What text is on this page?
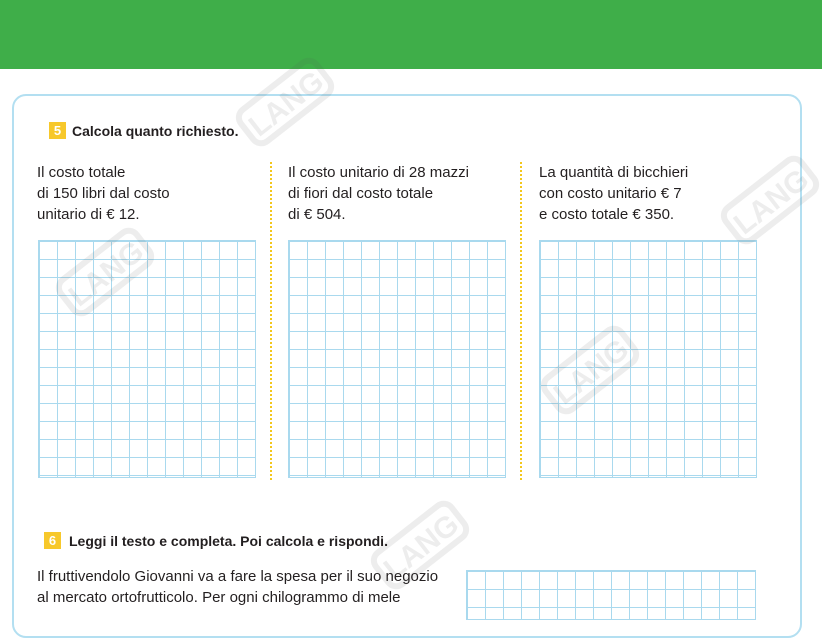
5 Calcola quanto richiesto.
Il costo totale
di 150 libri dal costo
unitario di € 12.
Il costo unitario di 28 mazzi
di fiori dal costo totale
di € 504.
La quantità di bicchieri
con costo unitario € 7
e costo totale € 350.
6 Leggi il testo e completa. Poi calcola e rispondi.
Il fruttivendolo Giovanni va a fare la spesa per il suo negozio
al mercato ortofrutticolo. Per ogni chilogrammo di mele
